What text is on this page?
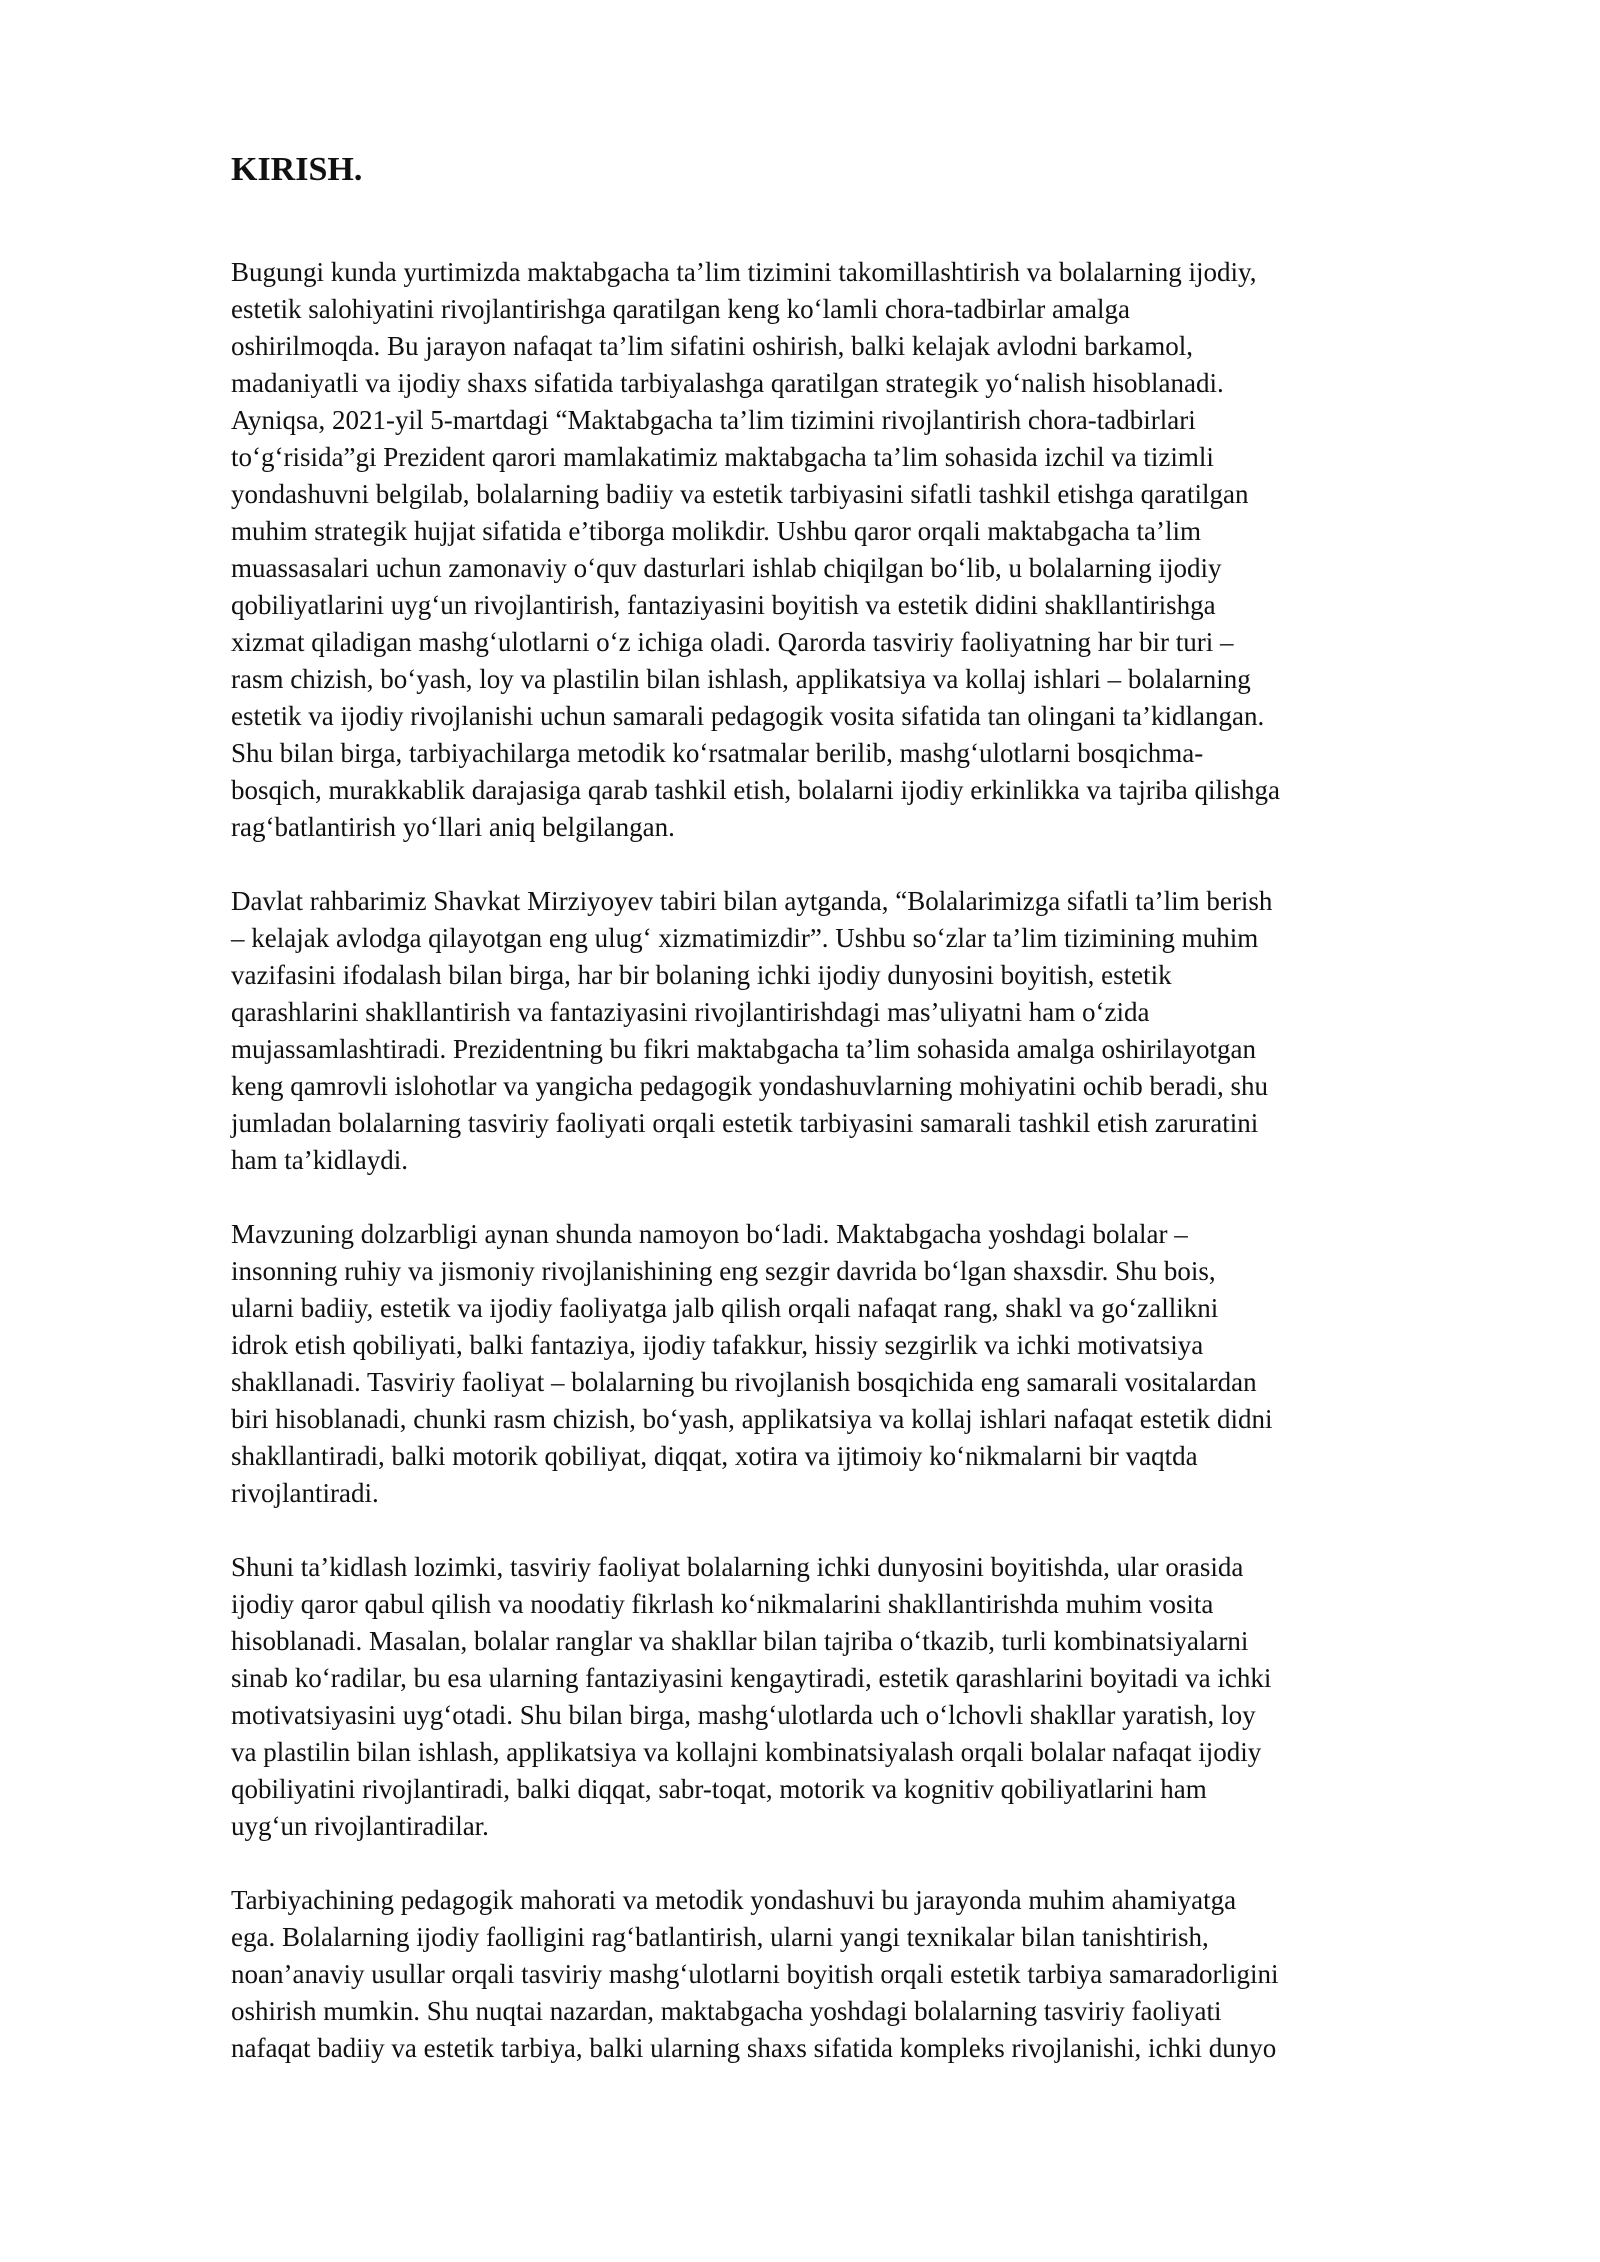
KIRISH.
Bugungi kunda yurtimizda maktabgacha ta’lim tizimini takomillashtirish va bolalarning ijodiy,
estetik salohiyatini rivojlantirishga qaratilgan keng ko‘lamli chora-tadbirlar amalga
oshirilmoqda. Bu jarayon nafaqat ta’lim sifatini oshirish, balki kelajak avlodni barkamol,
madaniyatli va ijodiy shaxs sifatida tarbiyalashga qaratilgan strategik yo‘nalish hisoblanadi.
Ayniqsa, 2021-yil 5-martdagi “Maktabgacha ta’lim tizimini rivojlantirish chora-tadbirlari
to‘g‘risida”gi Prezident qarori mamlakatimiz maktabgacha ta’lim sohasida izchil va tizimli
yondashuvni belgilab, bolalarning badiiy va estetik tarbiyasini sifatli tashkil etishga qaratilgan
muhim strategik hujjat sifatida e’tiborga molikdir. Ushbu qaror orqali maktabgacha ta’lim
muassasalari uchun zamonaviy o‘quv dasturlari ishlab chiqilgan bo‘lib, u bolalarning ijodiy
qobiliyatlarini uyg‘un rivojlantirish, fantaziyasini boyitish va estetik didini shakllantirishga
xizmat qiladigan mashg‘ulotlarni o‘z ichiga oladi. Qarorda tasviriy faoliyatning har bir turi –
rasm chizish, bo‘yash, loy va plastilin bilan ishlash, applikatsiya va kollaj ishlari – bolalarning
estetik va ijodiy rivojlanishi uchun samarali pedagogik vosita sifatida tan olingani ta’kidlangan.
Shu bilan birga, tarbiyachilarga metodik ko‘rsatmalar berilib, mashg‘ulotlarni bosqichma-
bosqich, murakkablik darajasiga qarab tashkil etish, bolalarni ijodiy erkinlikka va tajriba qilishga
rag‘batlantirish yo‘llari aniq belgilangan.
Davlat rahbarimiz Shavkat Mirziyoyev tabiri bilan aytganda, “Bolalarimizga sifatli ta’lim berish
– kelajak avlodga qilayotgan eng ulug‘ xizmatimizdir”. Ushbu so‘zlar ta’lim tizimining muhim
vazifasini ifodalash bilan birga, har bir bolaning ichki ijodiy dunyosini boyitish, estetik
qarashlarini shakllantirish va fantaziyasini rivojlantirishdagi mas’uliyatni ham o‘zida
mujassamlashtiradi. Prezidentning bu fikri maktabgacha ta’lim sohasida amalga oshirilayotgan
keng qamrovli islohotlar va yangicha pedagogik yondashuvlarning mohiyatini ochib beradi, shu
jumladan bolalarning tasviriy faoliyati orqali estetik tarbiyasini samarali tashkil etish zaruratini
ham ta’kidlaydi.
Mavzuning dolzarbligi aynan shunda namoyon bo‘ladi. Maktabgacha yoshdagi bolalar –
insonning ruhiy va jismoniy rivojlanishining eng sezgir davrida bo‘lgan shaxsdir. Shu bois,
ularni badiiy, estetik va ijodiy faoliyatga jalb qilish orqali nafaqat rang, shakl va go‘zallikni
idrok etish qobiliyati, balki fantaziya, ijodiy tafakkur, hissiy sezgirlik va ichki motivatsiya
shakllanadi. Tasviriy faoliyat – bolalarning bu rivojlanish bosqichida eng samarali vositalardan
biri hisoblanadi, chunki rasm chizish, bo‘yash, applikatsiya va kollaj ishlari nafaqat estetik didni
shakllantiradi, balki motorik qobiliyat, diqqat, xotira va ijtimoiy ko‘nikmalarni bir vaqtda
rivojlantiradi.
Shuni ta’kidlash lozimki, tasviriy faoliyat bolalarning ichki dunyosini boyitishda, ular orasida
ijodiy qaror qabul qilish va noodatiy fikrlash ko‘nikmalarini shakllantirishda muhim vosita
hisoblanadi. Masalan, bolalar ranglar va shakllar bilan tajriba o‘tkazib, turli kombinatsiyalarni
sinab ko‘radilar, bu esa ularning fantaziyasini kengaytiradi, estetik qarashlarini boyitadi va ichki
motivatsiyasini uyg‘otadi. Shu bilan birga, mashg‘ulotlarda uch o‘lchovli shakllar yaratish, loy
va plastilin bilan ishlash, applikatsiya va kollajni kombinatsiyalash orqali bolalar nafaqat ijodiy
qobiliyatini rivojlantiradi, balki diqqat, sabr-toqat, motorik va kognitiv qobiliyatlarini ham
uyg‘un rivojlantiradilar.
Tarbiyachining pedagogik mahorati va metodik yondashuvi bu jarayonda muhim ahamiyatga
ega. Bolalarning ijodiy faolligini rag‘batlantirish, ularni yangi texnikalar bilan tanishtirish,
noan’anaviy usullar orqali tasviriy mashg‘ulotlarni boyitish orqali estetik tarbiya samaradorligini
oshirish mumkin. Shu nuqtai nazardan, maktabgacha yoshdagi bolalarning tasviriy faoliyati
nafaqat badiiy va estetik tarbiya, balki ularning shaxs sifatida kompleks rivojlanishi, ichki dunyo
